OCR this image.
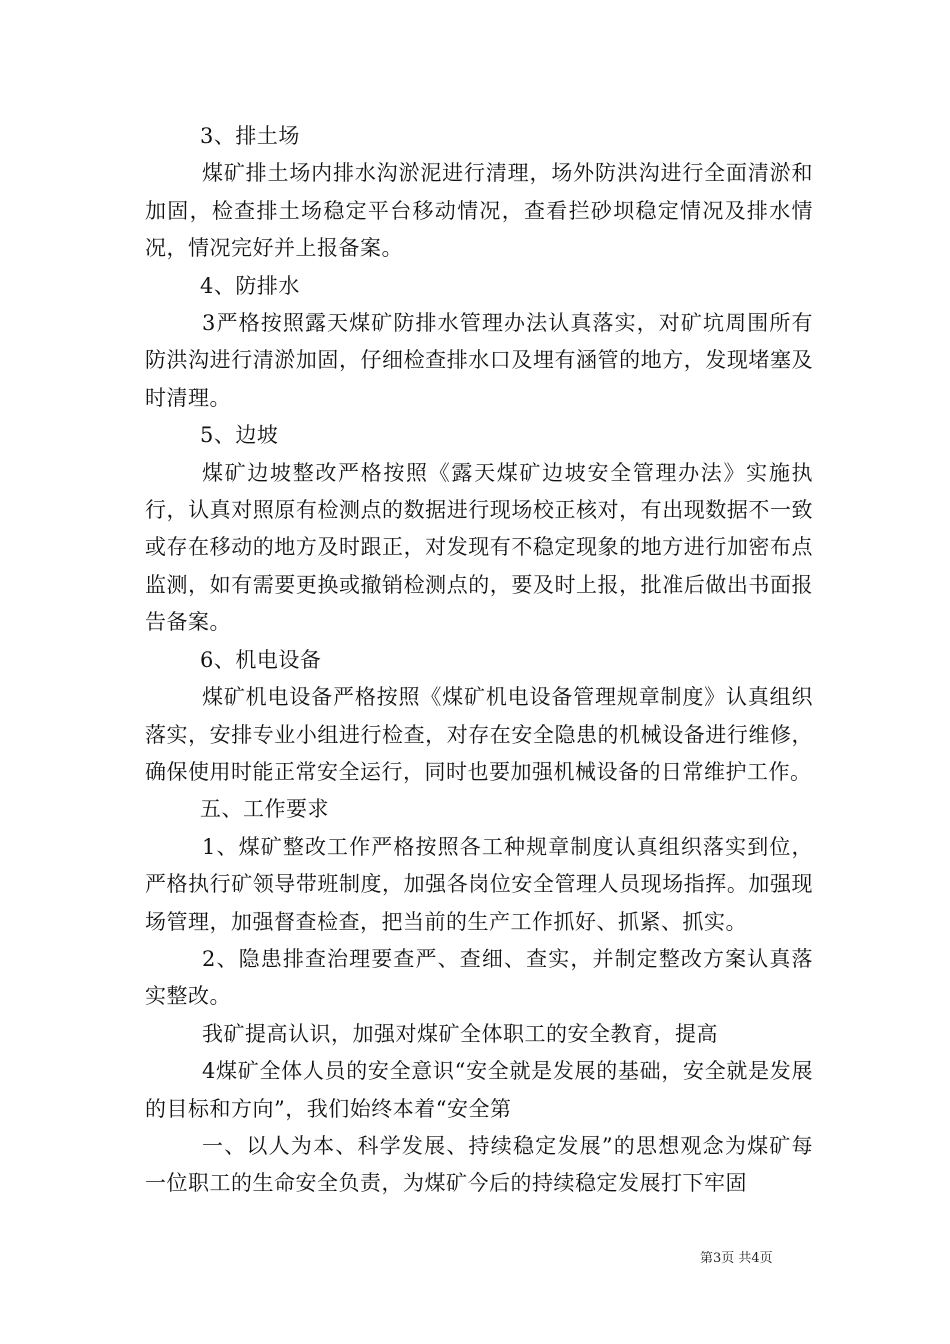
3、排土场

煤矿排土场内排水沟淤泥进行清理，场外防洪沟进行全面清淤和加固，检查排土场稳定平台移动情况，查看拦砂坝稳定情况及排水情况，情况完好并上报备案。

4、防排水

3严格按照露天煤矿防排水管理办法认真落实，对矿坑周围所有防洪沟进行清淤加固，仔细检查排水口及埋有涵管的地方，发现堵塞及时清理。

5、边坡

煤矿边坡整改严格按照《露天煤矿边坡安全管理办法》实施执行，认真对照原有检测点的数据进行现场校正核对，有出现数据不一致或存在移动的地方及时跟正，对发现有不稳定现象的地方进行加密布点监测，如有需要更换或撤销检测点的，要及时上报，批准后做出书面报告备案。

6、机电设备

煤矿机电设备严格按照《煤矿机电设备管理规章制度》认真组织落实，安排专业小组进行检查，对存在安全隐患的机械设备进行维修，确保使用时能正常安全运行，同时也要加强机械设备的日常维护工作。

五、工作要求

1、煤矿整改工作严格按照各工种规章制度认真组织落实到位，严格执行矿领导带班制度，加强各岗位安全管理人员现场指挥。加强现场管理，加强督查检查，把当前的生产工作抓好、抓紧、抓实。

2、隐患排查治理要查严、查细、查实，并制定整改方案认真落实整改。

我矿提高认识，加强对煤矿全体职工的安全教育，提高

4煤矿全体人员的安全意识“安全就是发展的基础，安全就是发展的目标和方向”，我们始终本着“安全第

一、以人为本、科学发展、持续稳定发展”的思想观念为煤矿每一位职工的生命安全负责，为煤矿今后的持续稳定发展打下牢固

第3页 共4页
